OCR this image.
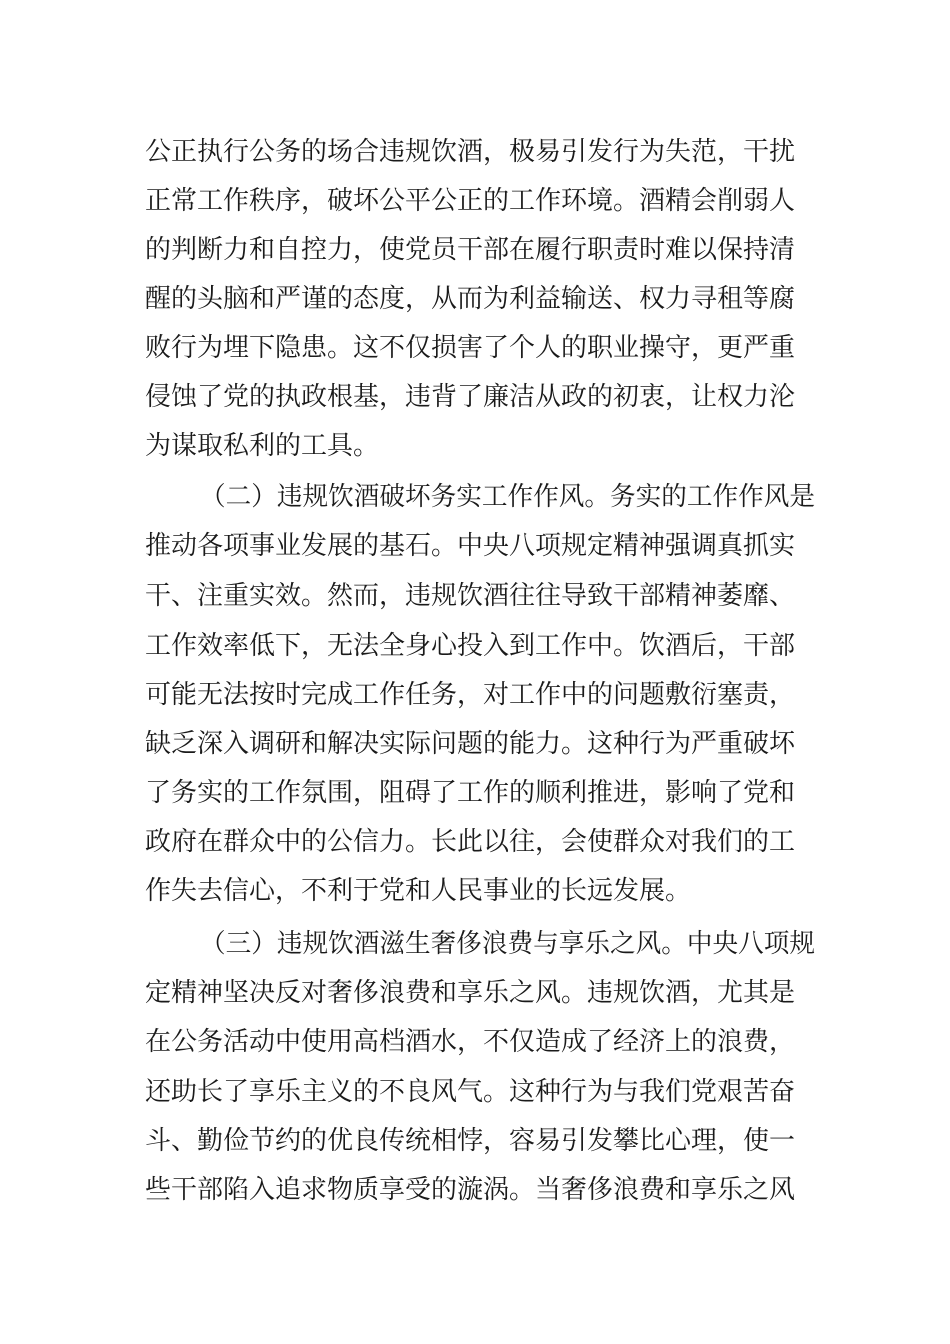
公正执行公务的场合违规饮酒，极易引发行为失范，干扰
正常工作秩序，破坏公平公正的工作环境。酒精会削弱人
的判断力和自控力，使党员干部在履行职责时难以保持清
醒的头脑和严谨的态度，从而为利益输送、权力寻租等腐
败行为埋下隐患。这不仅损害了个人的职业操守，更严重
侵蚀了党的执政根基，违背了廉洁从政的初衷，让权力沦
为谋取私利的工具。
（二）违规饮酒破坏务实工作作风。务实的工作作风是
推动各项事业发展的基石。中央八项规定精神强调真抓实
干、注重实效。然而，违规饮酒往往导致干部精神萎靡、
工作效率低下，无法全身心投入到工作中。饮酒后，干部
可能无法按时完成工作任务，对工作中的问题敷衍塞责，
缺乏深入调研和解决实际问题的能力。这种行为严重破坏
了务实的工作氛围，阻碍了工作的顺利推进，影响了党和
政府在群众中的公信力。长此以往，会使群众对我们的工
作失去信心，不利于党和人民事业的长远发展。
（三）违规饮酒滋生奢侈浪费与享乐之风。中央八项规
定精神坚决反对奢侈浪费和享乐之风。违规饮酒，尤其是
在公务活动中使用高档酒水，不仅造成了经济上的浪费，
还助长了享乐主义的不良风气。这种行为与我们党艰苦奋
斗、勤俭节约的优良传统相悖，容易引发攀比心理，使一
些干部陷入追求物质享受的漩涡。当奢侈浪费和享乐之风
